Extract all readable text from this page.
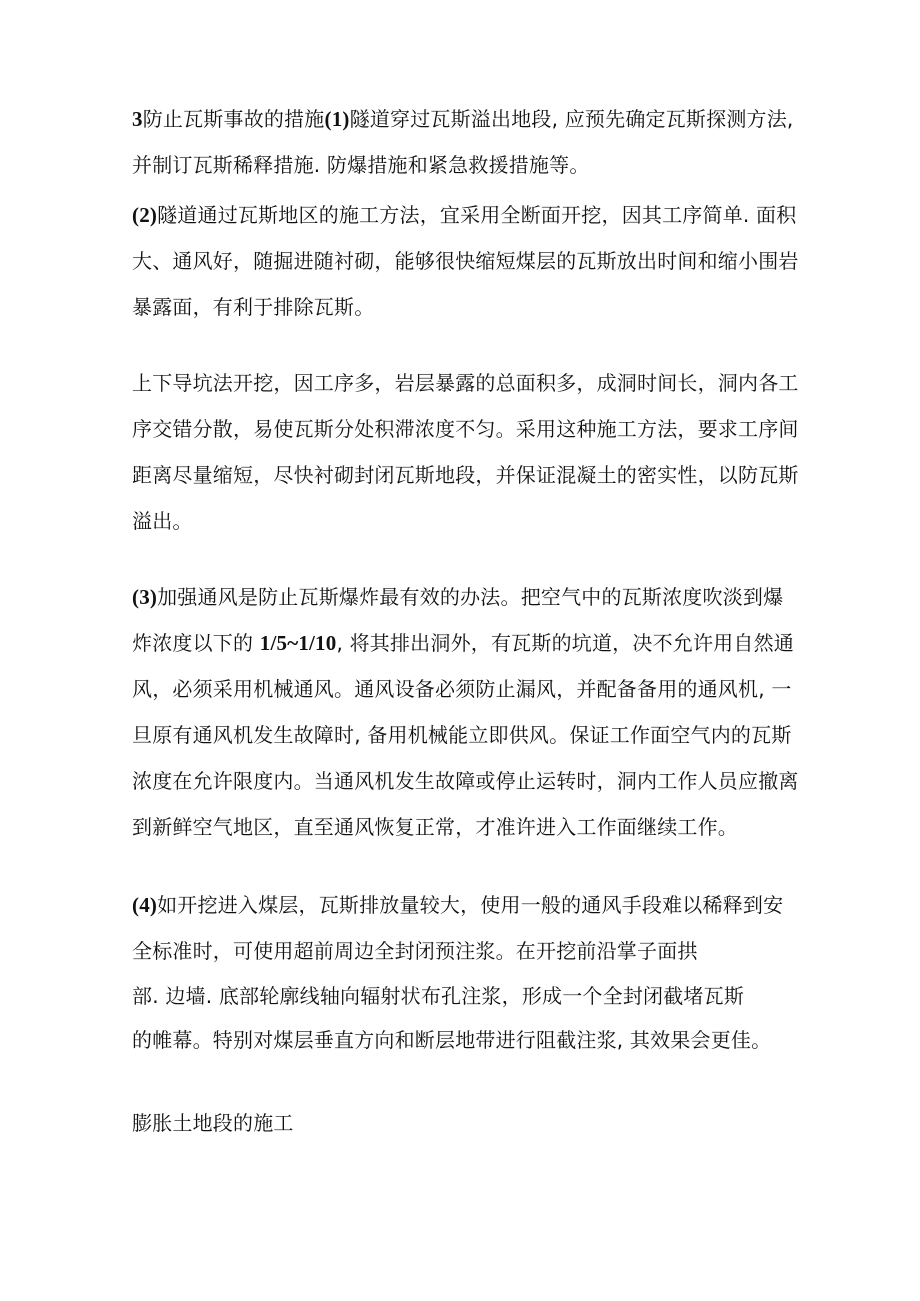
3防止瓦斯事故的措施(1)隧道穿过瓦斯溢出地段, 应预先确定瓦斯探测方法,
并制订瓦斯稀释措施. 防爆措施和紧急救援措施等。
(2)隧道通过瓦斯地区的施工方法，宜采用全断面开挖，因其工序简单. 面积
大、通风好，随掘进随衬砌，能够很快缩短煤层的瓦斯放出时间和缩小围岩
暴露面，有利于排除瓦斯。
上下导坑法开挖，因工序多，岩层暴露的总面积多，成洞时间长，洞内各工
序交错分散，易使瓦斯分处积滞浓度不匀。采用这种施工方法，要求工序间
距离尽量缩短，尽快衬砌封闭瓦斯地段，并保证混凝土的密实性，以防瓦斯
溢出。
(3)加强通风是防止瓦斯爆炸最有效的办法。把空气中的瓦斯浓度吹淡到爆
炸浓度以下的 1/5~1/10, 将其排出洞外，有瓦斯的坑道，决不允许用自然通
风，必须采用机械通风。通风设备必须防止漏风，并配备备用的通风机, 一
旦原有通风机发生故障时, 备用机械能立即供风。保证工作面空气内的瓦斯
浓度在允许限度内。当通风机发生故障或停止运转时，洞内工作人员应撤离
到新鲜空气地区，直至通风恢复正常，才准许进入工作面继续工作。
(4)如开挖进入煤层，瓦斯排放量较大，使用一般的通风手段难以稀释到安
全标准时，可使用超前周边全封闭预注浆。在开挖前沿掌子面拱
部. 边墙. 底部轮廓线轴向辐射状布孔注浆，形成一个全封闭截堵瓦斯
的帷幕。特别对煤层垂直方向和断层地带进行阻截注浆, 其效果会更佳。
膨胀土地段的施工
